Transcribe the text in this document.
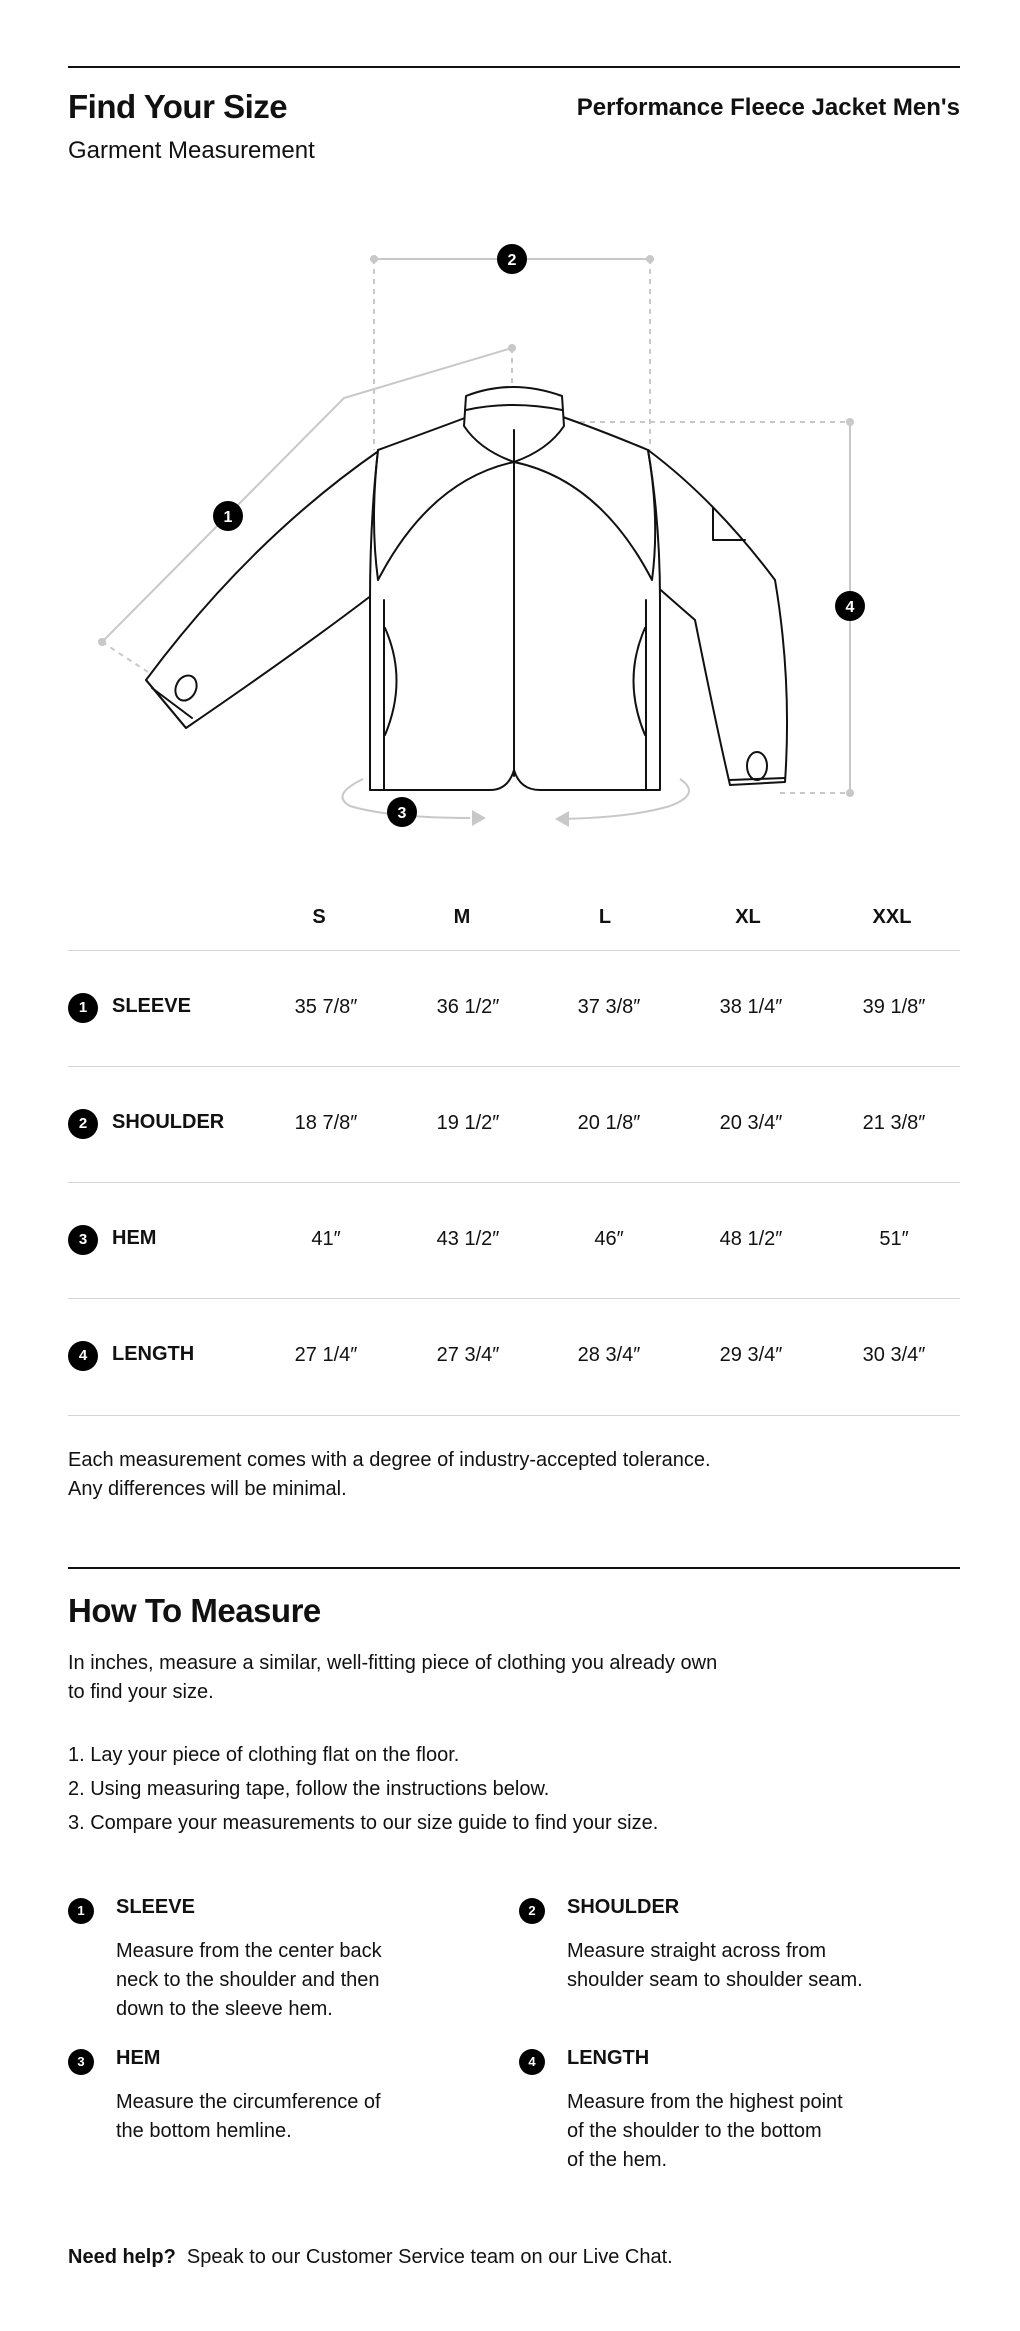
Find Your Size
Garment Measurement
Performance Fleece Jacket Men's
2
1
4
3
S	M	L	XL	XXL
1	SLEEVE	35 7/8″	36 1/2″	37 3/8″	38 1/4″	39 1/8″
2	SHOULDER	18 7/8″	19 1/2″	20 1/8″	20 3/4″	21 3/8″
3	HEM	41″	43 1/2″	46″	48 1/2″	51″
4	LENGTH	27 1/4″	27 3/4″	28 3/4″	29 3/4″	30 3/4″
Each measurement comes with a degree of industry-accepted tolerance.
Any differences will be minimal.
How To Measure
In inches, measure a similar, well-fitting piece of clothing you already own
to find your size.
1. Lay your piece of clothing flat on the floor.
2. Using measuring tape, follow the instructions below.
3. Compare your measurements to our size guide to find your size.
1	SLEEVE
Measure from the center back
neck to the shoulder and then
down to the sleeve hem.
2	SHOULDER
Measure straight across from
shoulder seam to shoulder seam.
3	HEM
Measure the circumference of
the bottom hemline.
4	LENGTH
Measure from the highest point
of the shoulder to the bottom
of the hem.
Need help? Speak to our Customer Service team on our Live Chat.
